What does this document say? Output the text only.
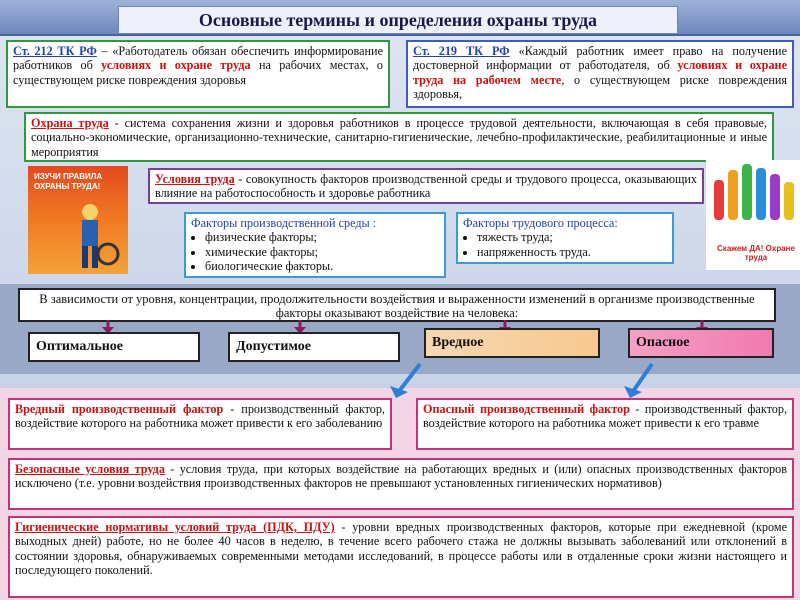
Основные термины и определения охраны труда
Ст. 212 ТК РФ – «Работодатель обязан обеспечить информирование работников об условиях и охране труда на рабочих местах, о существующем риске повреждения здоровья
Ст. 219 ТК РФ «Каждый работник имеет право на получение достоверной информации от работодателя, об условиях и охране труда на рабочем месте, о существующем риске повреждения здоровья,
Охрана труда - система сохранения жизни и здоровья работников в процессе трудовой деятельности, включающая в себя правовые, социально-экономические, организационно-технические, санитарно-гигиенические, лечебно-профилактические, реабилитационные и иные мероприятия
ИЗУЧИ ПРАВИЛА ОХРАНЫ ТРУДА!
Условия труда - совокупность факторов производственной среды и трудового процесса, оказывающих влияние на работоспособность и здоровье работника
Факторы производственной среды :
• физические факторы;
• химические факторы;
• биологические факторы.
Факторы трудового процесса:
• тяжесть труда;
• напряженность труда.	Скажем ДА! Охране труда
В зависимости от уровня, концентрации, продолжительности воздействия и выраженности изменений в организме производственные факторы оказывают воздействие на человека:
Оптимальное	Допустимое	Вредное	Опасное
Вредный производственный фактор - производственный фактор, воздействие которого на работника может привести к его заболеванию
Опасный производственный фактор - производственный фактор, воздействие которого на работника может привести к его травме
Безопасные условия труда - условия труда, при которых воздействие на работающих вредных и (или) опасных производственных факторов исключено (т.е. уровни воздействия производственных факторов не превышают установленных гигиенических нормативов)
Гигиенические нормативы условий труда (ПДК, ПДУ) - уровни вредных производственных факторов, которые при ежедневной (кроме выходных дней) работе, но не более 40 часов в неделю, в течение всего рабочего стажа не должны вызывать заболеваний или отклонений в состоянии здоровья, обнаруживаемых современными методами исследований, в процессе работы или в отдаленные сроки жизни настоящего и последующего поколений.
